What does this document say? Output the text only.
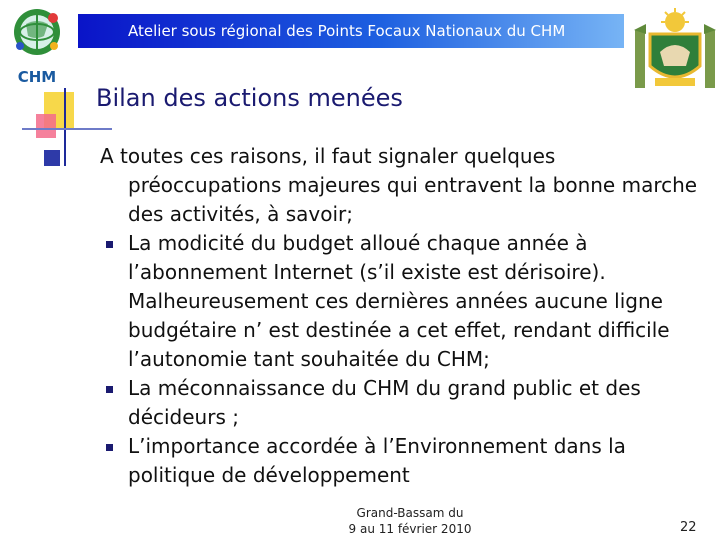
CHM
Atelier sous régional des Points Focaux Nationaux du CHM
Bilan des actions menées

A toutes ces raisons, il faut signaler quelques préoccupations majeures qui entravent la bonne marche des activités, à savoir;

La modicité du budget alloué chaque année à l’abonnement Internet (s’il existe est dérisoire). Malheureusement ces dernières années aucune ligne budgétaire n’ est destinée a cet effet, rendant difficile l’autonomie tant souhaitée du CHM;
La méconnaissance du CHM du grand public et des décideurs ;
L’importance accordée à l’Environnement dans la politique de développement
Grand-Bassam du
9 au 11 février 2010	22
